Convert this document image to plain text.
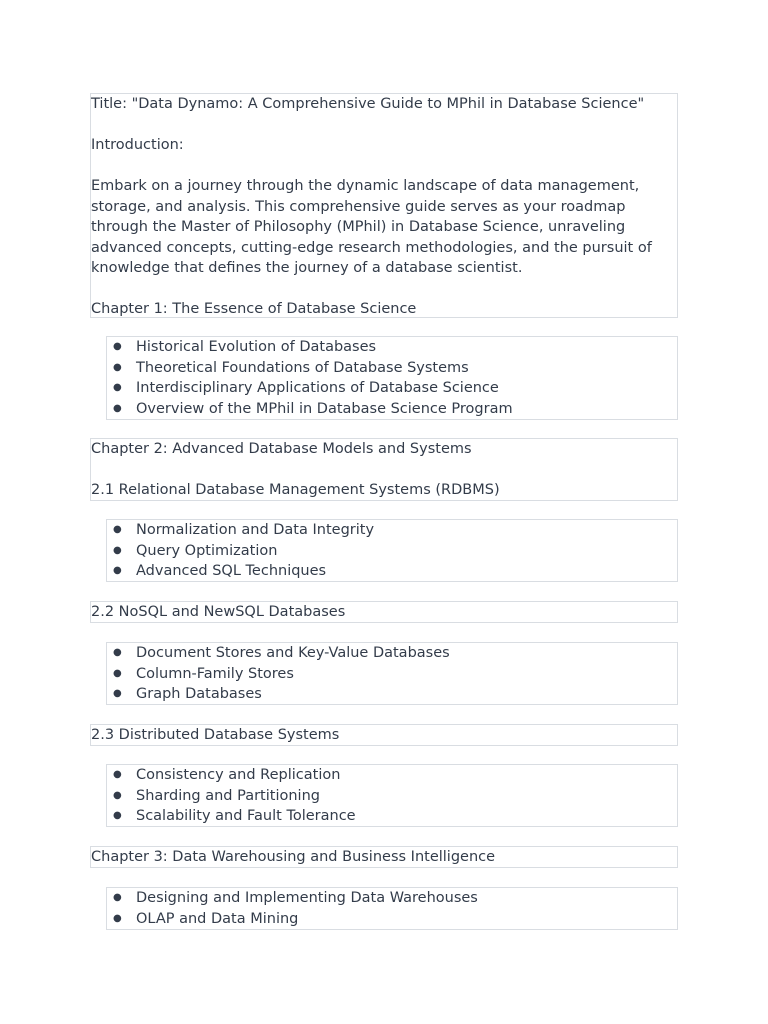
Title: "Data Dynamo: A Comprehensive Guide to MPhil in Database Science"

Introduction:

Embark on a journey through the dynamic landscape of data management, storage, and analysis. This comprehensive guide serves as your roadmap through the Master of Philosophy (MPhil) in Database Science, unraveling advanced concepts, cutting-edge research methodologies, and the pursuit of knowledge that defines the journey of a database scientist.

Chapter 1: The Essence of Database Science

● Historical Evolution of Databases
● Theoretical Foundations of Database Systems
● Interdisciplinary Applications of Database Science
● Overview of the MPhil in Database Science Program

Chapter 2: Advanced Database Models and Systems

2.1 Relational Database Management Systems (RDBMS)

● Normalization and Data Integrity
● Query Optimization
● Advanced SQL Techniques

2.2 NoSQL and NewSQL Databases

● Document Stores and Key-Value Databases
● Column-Family Stores
● Graph Databases

2.3 Distributed Database Systems

● Consistency and Replication
● Sharding and Partitioning
● Scalability and Fault Tolerance

Chapter 3: Data Warehousing and Business Intelligence

● Designing and Implementing Data Warehouses
● OLAP and Data Mining
